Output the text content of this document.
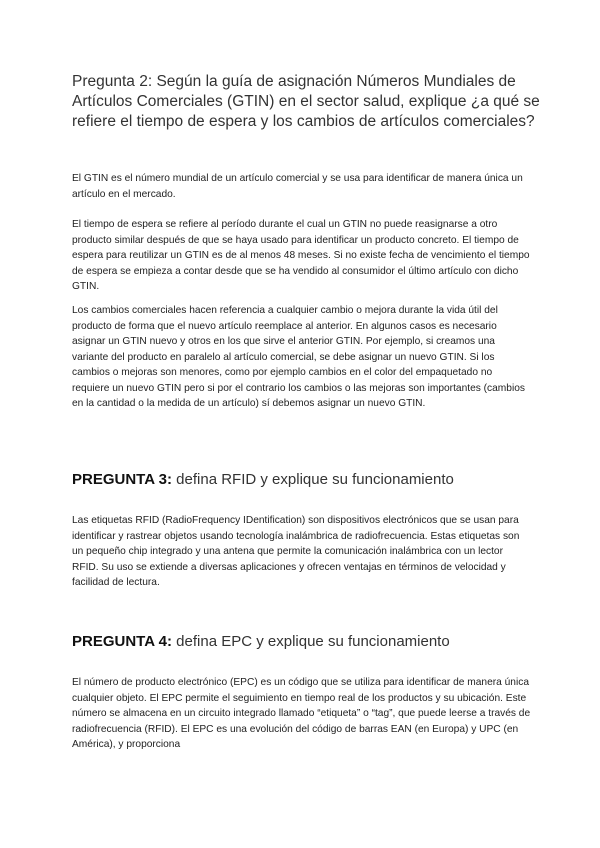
Pregunta 2: Según la guía de asignación Números Mundiales de Artículos Comerciales (GTIN) en el sector salud, explique ¿a qué se refiere el tiempo de espera y los cambios de artículos comerciales?

El GTIN es el número mundial de un artículo comercial y se usa para identificar de manera única un artículo en el mercado.

El tiempo de espera se refiere al período durante el cual un GTIN no puede reasignarse a otro producto similar después de que se haya usado para identificar un producto concreto. El tiempo de espera para reutilizar un GTIN es de al menos 48 meses. Si no existe fecha de vencimiento el tiempo de espera se empieza a contar desde que se ha vendido al consumidor el último artículo con dicho GTIN.

Los cambios comerciales hacen referencia a cualquier cambio o mejora durante la vida útil del producto de forma que el nuevo artículo reemplace al anterior. En algunos casos es necesario asignar un GTIN nuevo y otros en los que sirve el anterior GTIN. Por ejemplo, si creamos una variante del producto en paralelo al artículo comercial, se debe asignar un nuevo GTIN. Si los cambios o mejoras son menores, como por ejemplo cambios en el color del empaquetado no requiere un nuevo GTIN pero si por el contrario los cambios o las mejoras son importantes (cambios en la cantidad o la medida de un artículo) sí debemos asignar un nuevo GTIN.

PREGUNTA 3: defina RFID y explique su funcionamiento

Las etiquetas RFID (RadioFrequency IDentification) son dispositivos electrónicos que se usan para identificar y rastrear objetos usando tecnología inalámbrica de radiofrecuencia. Estas etiquetas son un pequeño chip integrado y una antena que permite la comunicación inalámbrica con un lector RFID. Su uso se extiende a diversas aplicaciones y ofrecen ventajas en términos de velocidad y facilidad de lectura.

PREGUNTA 4: defina EPC y explique su funcionamiento

El número de producto electrónico (EPC) es un código que se utiliza para identificar de manera única cualquier objeto. El EPC permite el seguimiento en tiempo real de los productos y su ubicación. Este número se almacena en un circuito integrado llamado “etiqueta” o “tag”, que puede leerse a través de radiofrecuencia (RFID). El EPC es una evolución del código de barras EAN (en Europa) y UPC (en América), y proporciona
